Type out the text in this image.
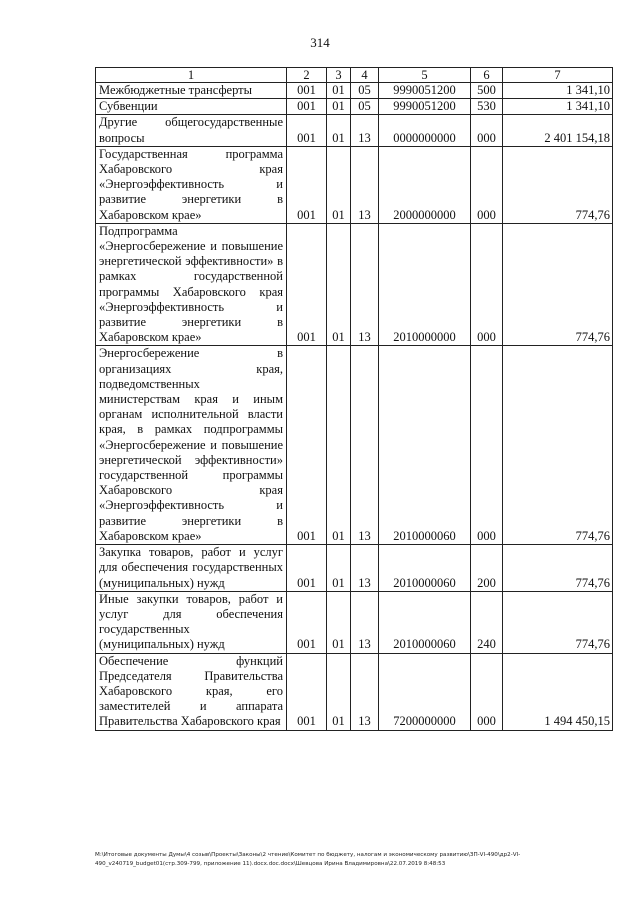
314
1	2	3	4	5	6	7
Межбюджетные трансферты	001	01	05	9990051200	500	1 341,10
Субвенции	001	01	05	9990051200	530	1 341,10
Другие общегосударственные вопросы	001	01	13	0000000000	000	2 401 154,18
Государственная программа Хабаровского края «Энергоэффективность и развитие энергетики в Хабаровском крае»	001	01	13	2000000000	000	774,76
Подпрограмма «Энергосбережение и повышение энергетической эффективности» в рамках государственной программы Хабаровского края «Энергоэффективность и развитие энергетики в Хабаровском крае»	001	01	13	2010000000	000	774,76
Энергосбережение в организациях края, подведомственных министерствам края и иным органам исполнительной власти края, в рамках подпрограммы «Энергосбережение и повышение энергетической эффективности» государственной программы Хабаровского края «Энергоэффективность и развитие энергетики в Хабаровском крае»	001	01	13	2010000060	000	774,76
Закупка товаров, работ и услуг для обеспечения государственных (муниципальных) нужд	001	01	13	2010000060	200	774,76
Иные закупки товаров, работ и услуг для обеспечения государственных (муниципальных) нужд	001	01	13	2010000060	240	774,76
Обеспечение функций Председателя Правительства Хабаровского края, его заместителей и аппарата Правительства Хабаровского края	001	01	13	7200000000	000	1 494 450,15
М:\Итоговые документы Думы\4 созыв\Проекты\Законы\2 чтение\Комитет по бюджету, налогам и экономическому развитию\ЗП-VI-490\др2-VI-490_v240719_budget01(стр.309-799, приложение 11).docx.doc.docx\Шевцова Ирина Владимировна\22.07.2019 8:48:53
